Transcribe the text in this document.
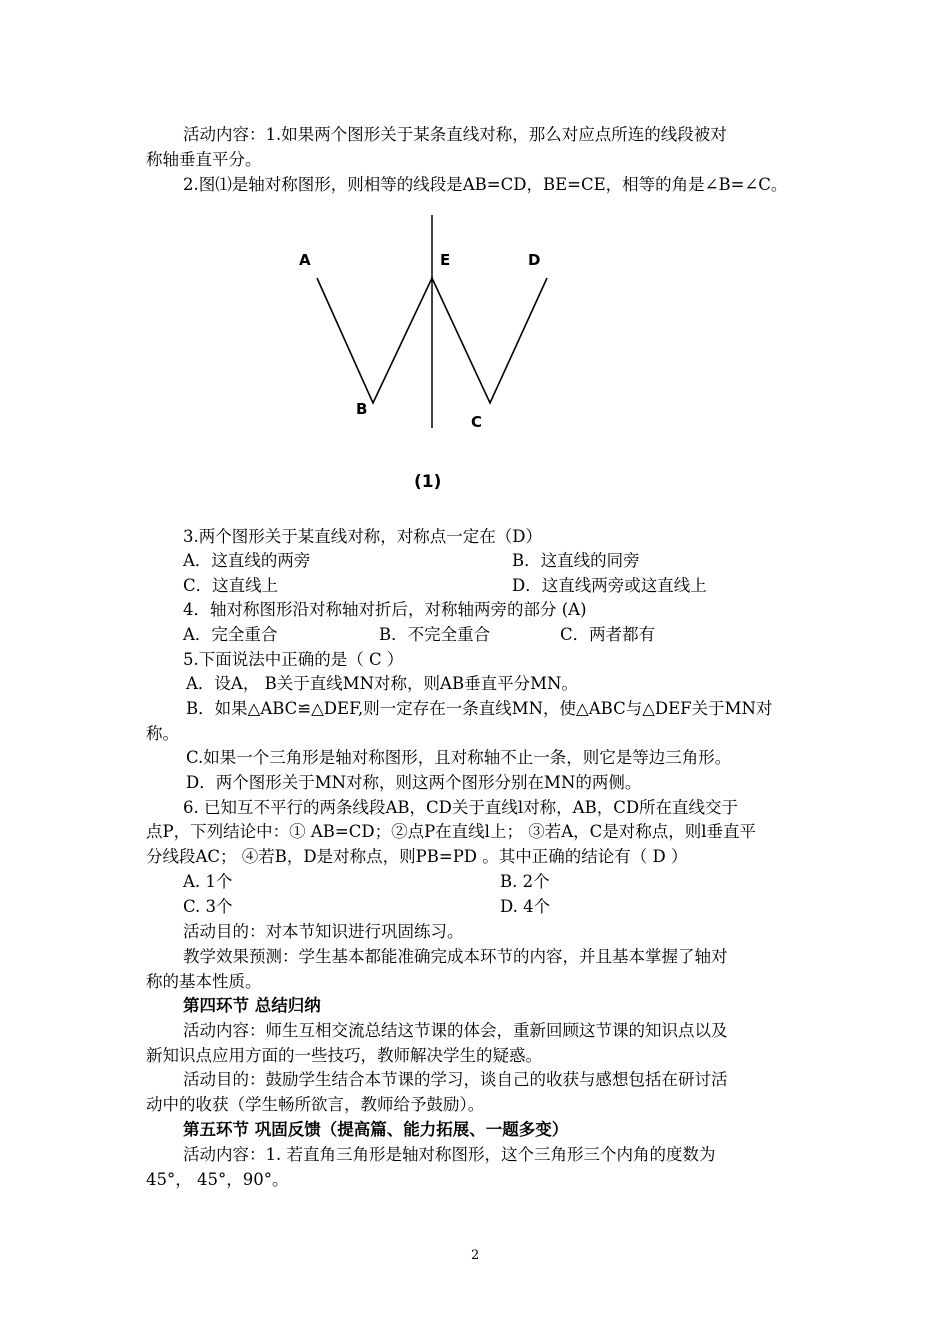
活动内容：1.如果两个图形关于某条直线对称，那么对应点所连的线段被对
称轴垂直平分。
2.图⑴是轴对称图形，则相等的线段是AB=CD，BE=CE，相等的角是∠B=∠C。
A	E	D
B
C
(1)
3.两个图形关于某直线对称，对称点一定在（D）
A．这直线的两旁	B．这直线的同旁
C．这直线上	D．这直线两旁或这直线上
4．轴对称图形沿对称轴对折后，对称轴两旁的部分 (A)
A．完全重合	B．不完全重合	C．两者都有
5.下面说法中正确的是（ C ）
A．设A， B关于直线MN对称，则AB垂直平分MN。
B．如果△ABC≌△DEF,则一定存在一条直线MN，使△ABC与△DEF关于MN对
称。
C.如果一个三角形是轴对称图形，且对称轴不止一条，则它是等边三角形。
D．两个图形关于MN对称，则这两个图形分别在MN的两侧。
6. 已知互不平行的两条线段AB，CD关于直线l对称，AB，CD所在直线交于
点P，下列结论中：① AB=CD；②点P在直线l上； ③若A，C是对称点，则l垂直平
分线段AC； ④若B，D是对称点，则PB=PD 。其中正确的结论有（ D ）
A. 1个	B. 2个
C. 3个	D. 4个
活动目的：对本节知识进行巩固练习。
教学效果预测：学生基本都能准确完成本环节的内容，并且基本掌握了轴对
称的基本性质。
第四环节 总结归纳
活动内容：师生互相交流总结这节课的体会，重新回顾这节课的知识点以及
新知识点应用方面的一些技巧，教师解决学生的疑惑。
活动目的：鼓励学生结合本节课的学习，谈自己的收获与感想包括在研讨活
动中的收获（学生畅所欲言，教师给予鼓励）。
第五环节 巩固反馈（提高篇、能力拓展、一题多变）
活动内容：1. 若直角三角形是轴对称图形，这个三角形三个内角的度数为
45°， 45°，90°。
2
